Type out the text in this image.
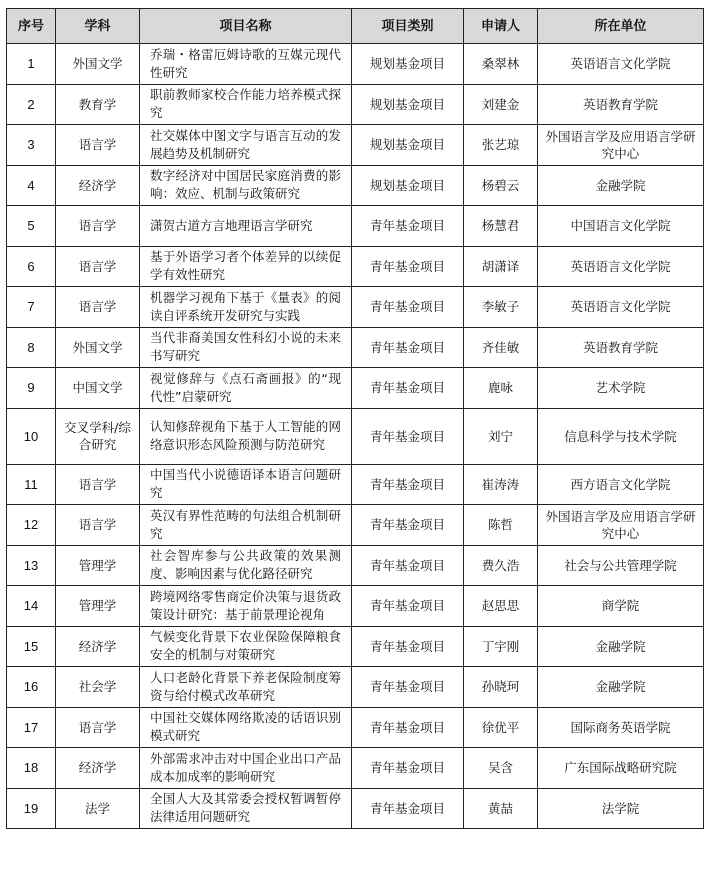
序号	学科	项目名称	项目类别	申请人	所在单位
1	外国文学	乔瑞・格雷厄姆诗歌的互媒元现代性研究	规划基金项目	桑翠林	英语语言文化学院
2	教育学	职前教师家校合作能力培养模式探究	规划基金项目	刘建金	英语教育学院
3	语言学	社交媒体中图文字与语言互动的发展趋势及机制研究	规划基金项目	张艺琼	外国语言学及应用语言学研究中心
4	经济学	数字经济对中国居民家庭消费的影响：效应、机制与政策研究	规划基金项目	杨碧云	金融学院
5	语言学	潇贺古道方言地理语言学研究	青年基金项目	杨慧君	中国语言文化学院
6	语言学	基于外语学习者个体差异的以续促学有效性研究	青年基金项目	胡潇译	英语语言文化学院
7	语言学	机器学习视角下基于《量表》的阅读自评系统开发研究与实践	青年基金项目	李敏子	英语语言文化学院
8	外国文学	当代非裔美国女性科幻小说的未来书写研究	青年基金项目	齐佳敏	英语教育学院
9	中国文学	视觉修辞与《点石斋画报》的“现代性”启蒙研究	青年基金项目	鹿咏	艺术学院
10	交叉学科/综合研究	认知修辞视角下基于人工智能的网络意识形态风险预测与防范研究	青年基金项目	刘宁	信息科学与技术学院
11	语言学	中国当代小说德语译本语言问题研究	青年基金项目	崔涛涛	西方语言文化学院
12	语言学	英汉有界性范畴的句法组合机制研究	青年基金项目	陈哲	外国语言学及应用语言学研究中心
13	管理学	社会智库参与公共政策的效果测度、影响因素与优化路径研究	青年基金项目	费久浩	社会与公共管理学院
14	管理学	跨境网络零售商定价决策与退货政策设计研究：基于前景理论视角	青年基金项目	赵思思	商学院
15	经济学	气候变化背景下农业保险保障粮食安全的机制与对策研究	青年基金项目	丁宇刚	金融学院
16	社会学	人口老龄化背景下养老保险制度筹资与给付模式改革研究	青年基金项目	孙晓珂	金融学院
17	语言学	中国社交媒体网络欺凌的话语识别模式研究	青年基金项目	徐优平	国际商务英语学院
18	经济学	外部需求冲击对中国企业出口产品成本加成率的影响研究	青年基金项目	吴含	广东国际战略研究院
19	法学	全国人大及其常委会授权暂调暂停法律适用问题研究	青年基金项目	黄喆	法学院
